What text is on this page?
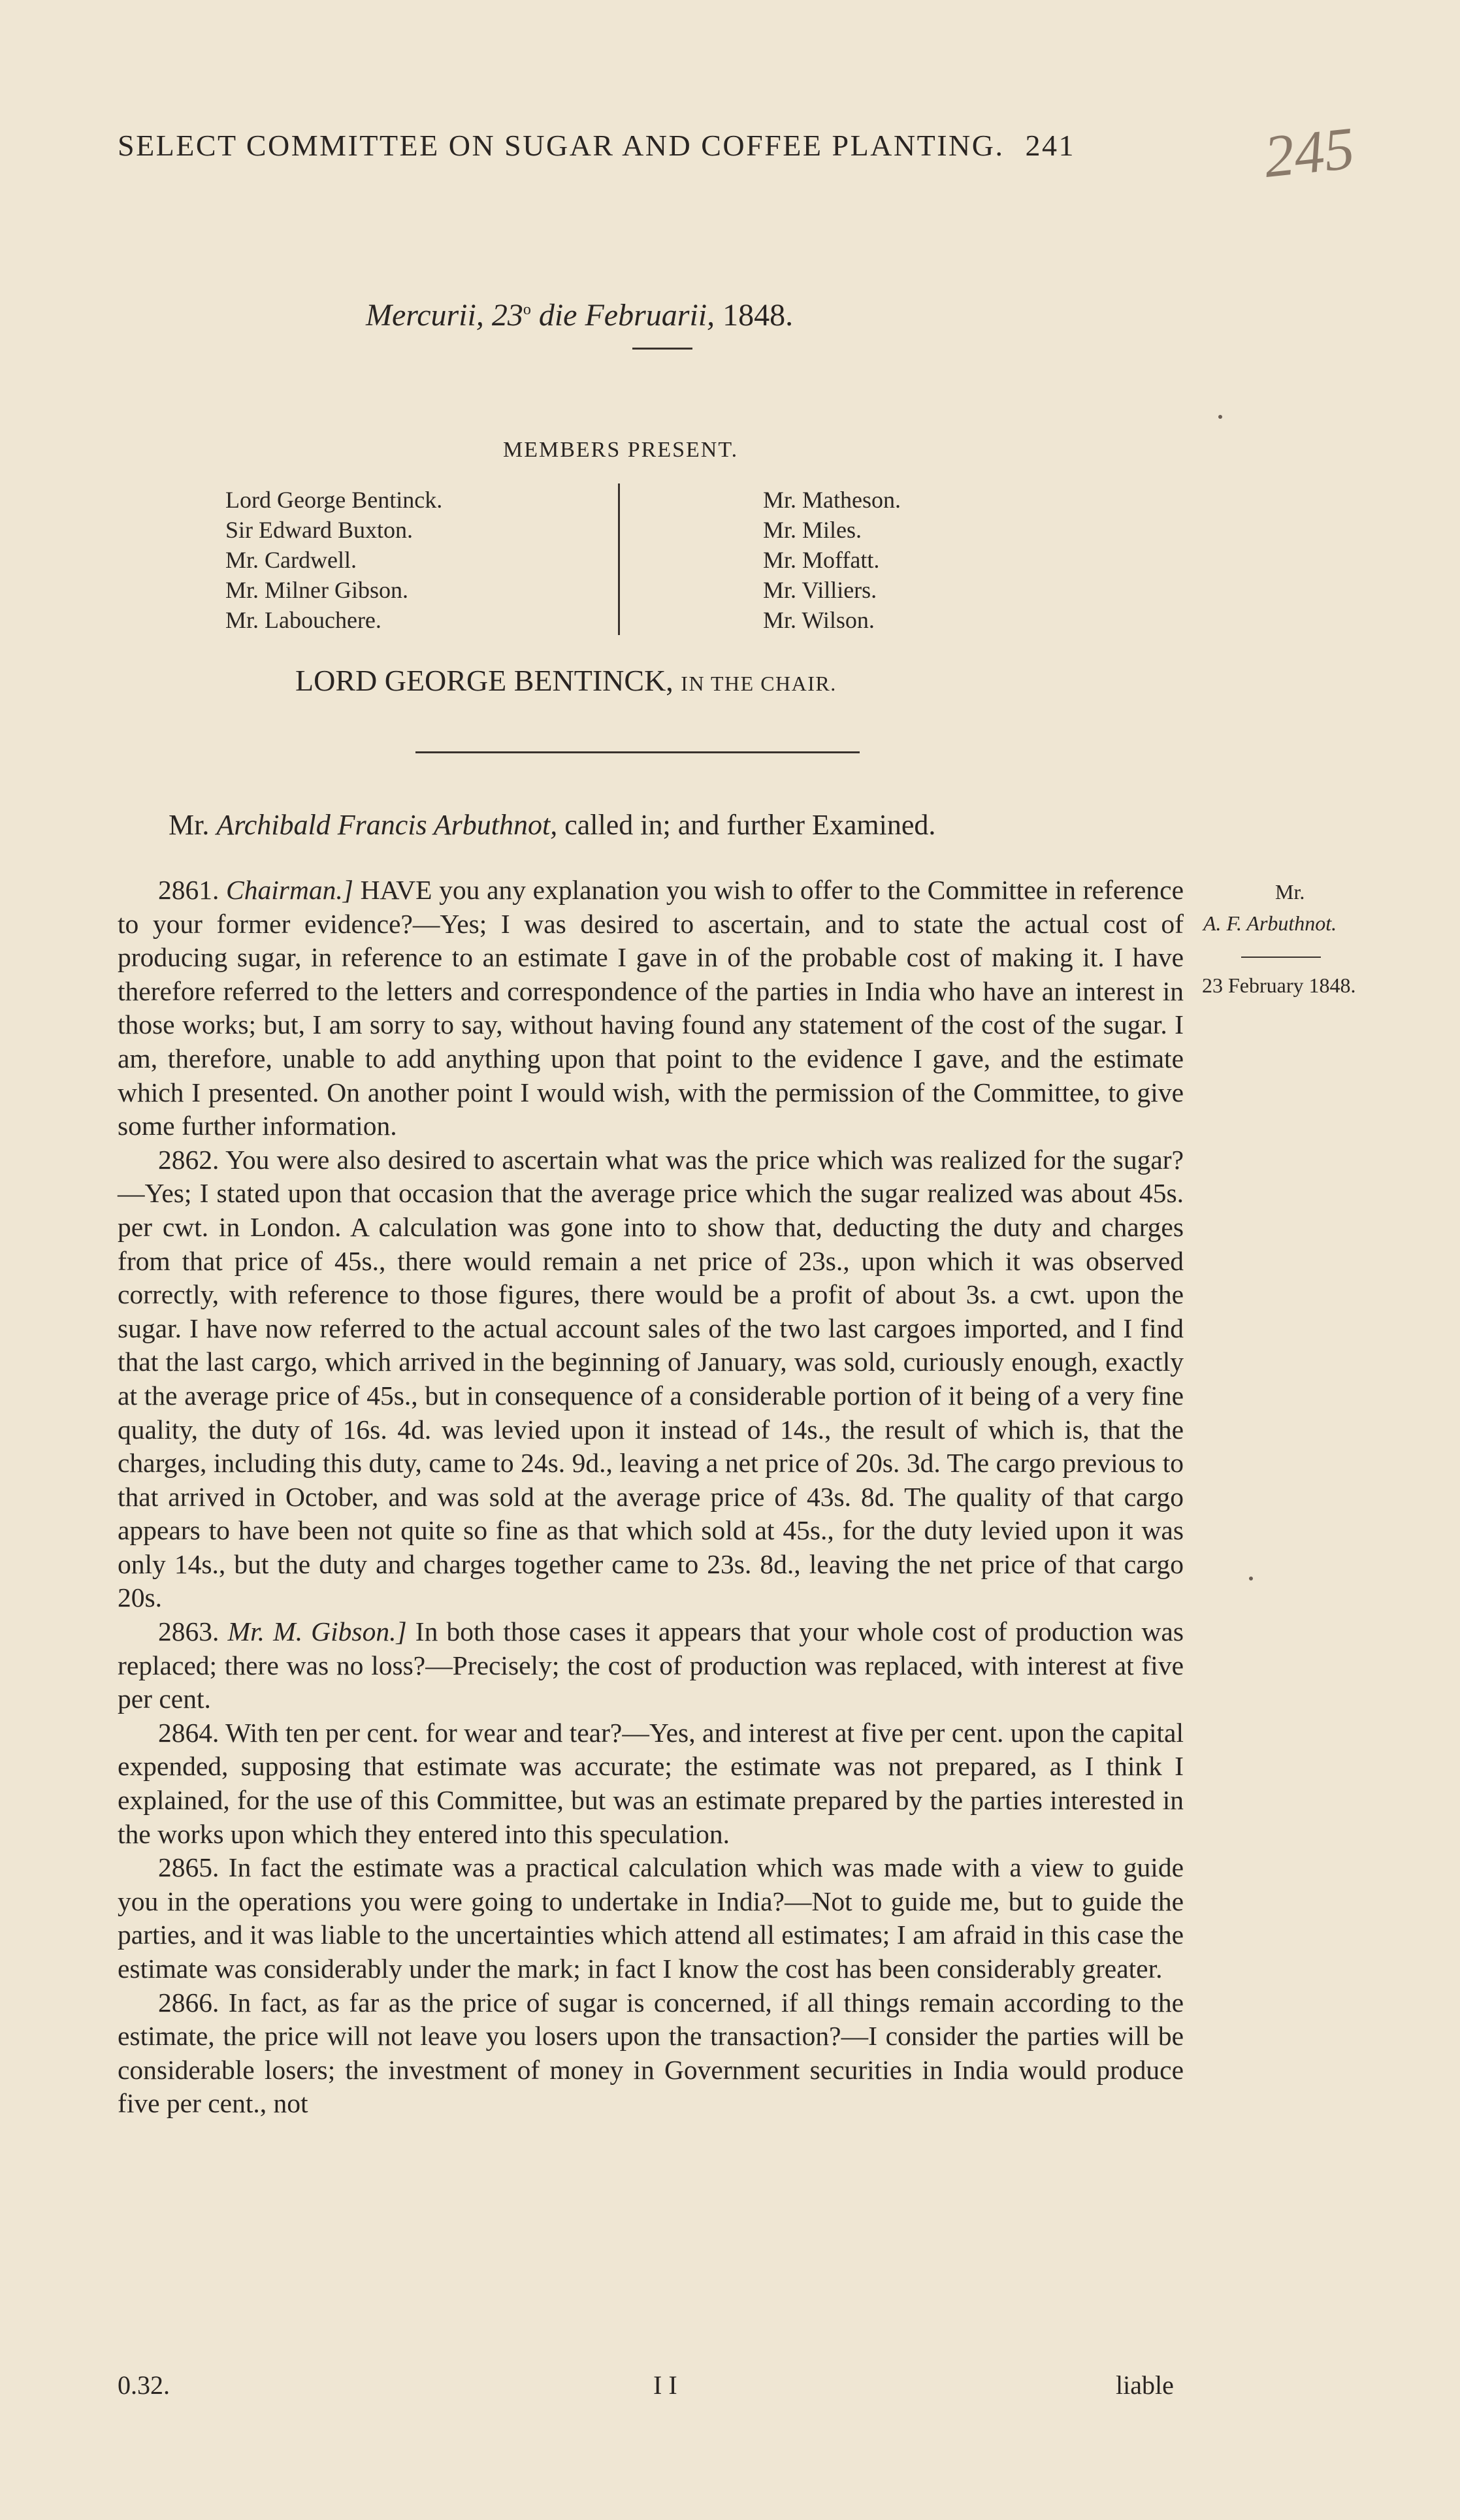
SELECT COMMITTEE ON SUGAR AND COFFEE PLANTING. 241	245
Mercurii, 23$^o$ die Februarii, 1848.
MEMBERS PRESENT.
Lord George Bentinck.
Sir Edward Buxton.
Mr. Cardwell.
Mr. Milner Gibson.
Mr. Labouchere.
Mr. Matheson.
Mr. Miles.
Mr. Moffatt.
Mr. Villiers.
Mr. Wilson.
LORD GEORGE BENTINCK, IN THE CHAIR.
Mr. Archibald Francis Arbuthnot, called in; and further Examined.
Mr.
A. F. Arbuthnot.
23 February 1848.

2861. Chairman.] HAVE you any explanation you wish to offer to the Committee in reference to your former evidence?—Yes; I was desired to ascertain, and to state the actual cost of producing sugar, in reference to an estimate I gave in of the probable cost of making it. I have therefore referred to the letters and correspondence of the parties in India who have an interest in those works; but, I am sorry to say, without having found any statement of the cost of the sugar. I am, therefore, unable to add anything upon that point to the evidence I gave, and the estimate which I presented. On another point I would wish, with the permission of the Committee, to give some further information.

2862. You were also desired to ascertain what was the price which was realized for the sugar?—Yes; I stated upon that occasion that the average price which the sugar realized was about 45s. per cwt. in London. A calculation was gone into to show that, deducting the duty and charges from that price of 45s., there would remain a net price of 23s., upon which it was observed correctly, with reference to those figures, there would be a profit of about 3s. a cwt. upon the sugar. I have now referred to the actual account sales of the two last cargoes imported, and I find that the last cargo, which arrived in the beginning of January, was sold, curiously enough, exactly at the average price of 45s., but in consequence of a considerable portion of it being of a very fine quality, the duty of 16s. 4d. was levied upon it instead of 14s., the result of which is, that the charges, including this duty, came to 24s. 9d., leaving a net price of 20s. 3d. The cargo previous to that arrived in October, and was sold at the average price of 43s. 8d. The quality of that cargo appears to have been not quite so fine as that which sold at 45s., for the duty levied upon it was only 14s., but the duty and charges together came to 23s. 8d., leaving the net price of that cargo 20s.

2863. Mr. M. Gibson.] In both those cases it appears that your whole cost of production was replaced; there was no loss?—Precisely; the cost of production was replaced, with interest at five per cent.

2864. With ten per cent. for wear and tear?—Yes, and interest at five per cent. upon the capital expended, supposing that estimate was accurate; the estimate was not prepared, as I think I explained, for the use of this Committee, but was an estimate prepared by the parties interested in the works upon which they entered into this speculation.

2865. In fact the estimate was a practical calculation which was made with a view to guide you in the operations you were going to undertake in India?—Not to guide me, but to guide the parties, and it was liable to the uncertainties which attend all estimates; I am afraid in this case the estimate was considerably under the mark; in fact I know the cost has been considerably greater.

2866. In fact, as far as the price of sugar is concerned, if all things remain according to the estimate, the price will not leave you losers upon the transaction?—I consider the parties will be considerable losers; the investment of money in Government securities in India would produce five per cent., not

0.32.	I I	liable
